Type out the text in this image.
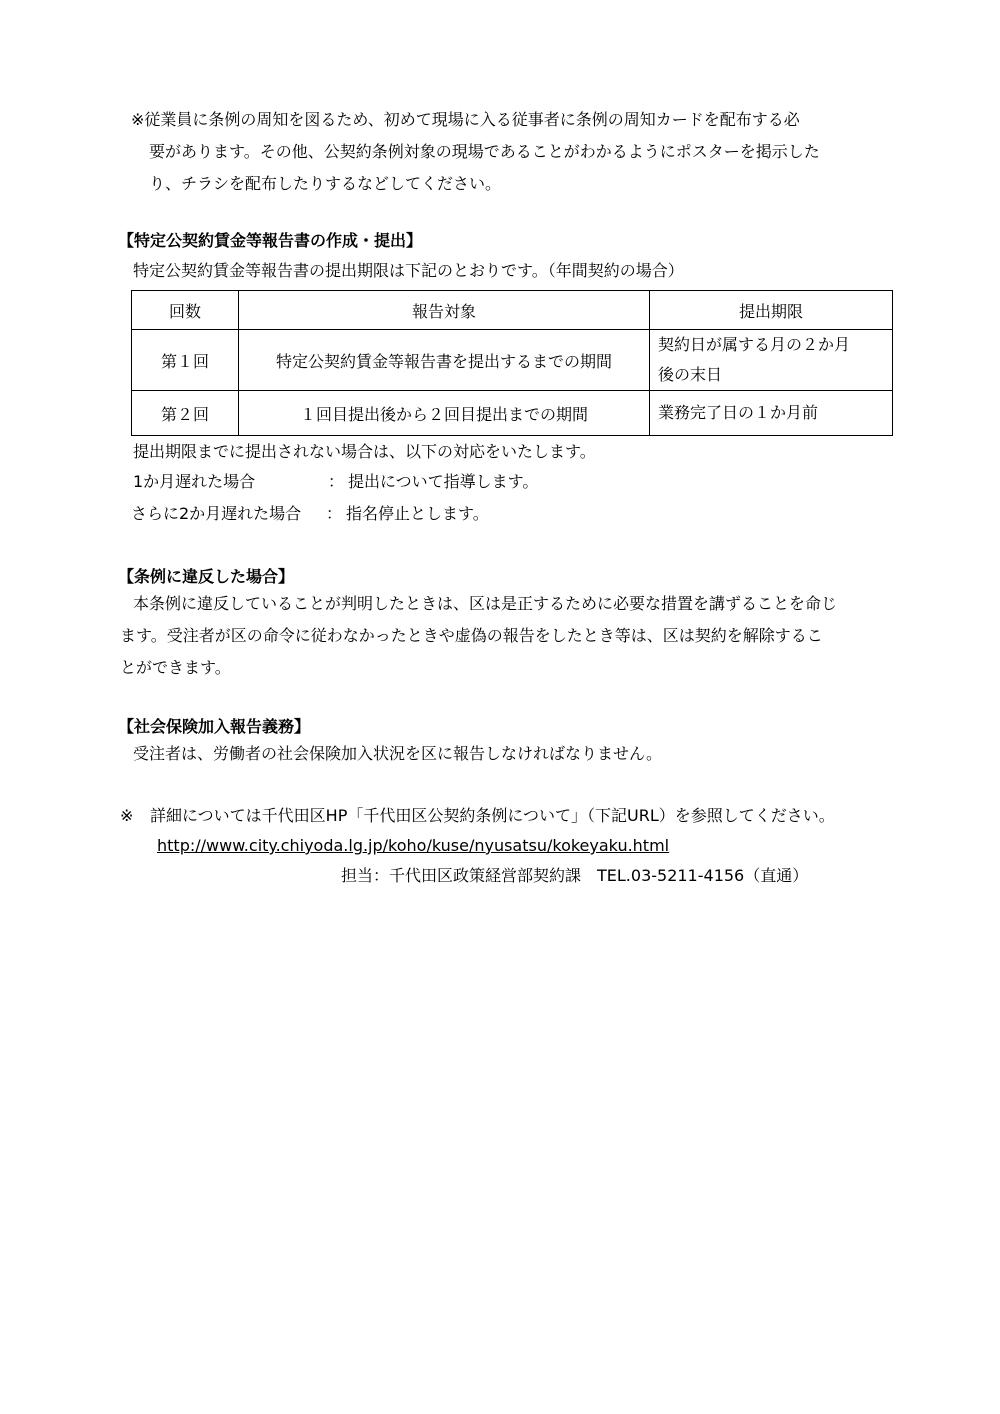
※従業員に条例の周知を図るため、初めて現場に入る従事者に条例の周知カードを配布する必
要があります。その他、公契約条例対象の現場であることがわかるようにポスターを掲示した
り、チラシを配布したりするなどしてください。
【特定公契約賃金等報告書の作成・提出】
特定公契約賃金等報告書の提出期限は下記のとおりです。（年間契約の場合）
回数	報告対象	提出期限
第１回	特定公契約賃金等報告書を提出するまでの期間	契約日が属する月の２か月
後の末日

第２回	１回目提出後から２回目提出までの期間	業務完了日の１か月前
提出期限までに提出されない場合は、以下の対応をいたします。
1か月遅れた場合	： 提出について指導します。
さらに2か月遅れた場合 ： 指名停止とします。
【条例に違反した場合】
本条例に違反していることが判明したときは、区は是正するために必要な措置を講ずることを命じ
ます。受注者が区の命令に従わなかったときや虚偽の報告をしたとき等は、区は契約を解除するこ
とができます。
【社会保険加入報告義務】
受注者は、労働者の社会保険加入状況を区に報告しなければなりません。
※ 詳細については千代田区HP「千代田区公契約条例について」（下記URL）を参照してください。
http://www.city.chiyoda.lg.jp/koho/kuse/nyusatsu/kokeyaku.html
担当：千代田区政策経営部契約課　TEL.03-5211-4156（直通）
